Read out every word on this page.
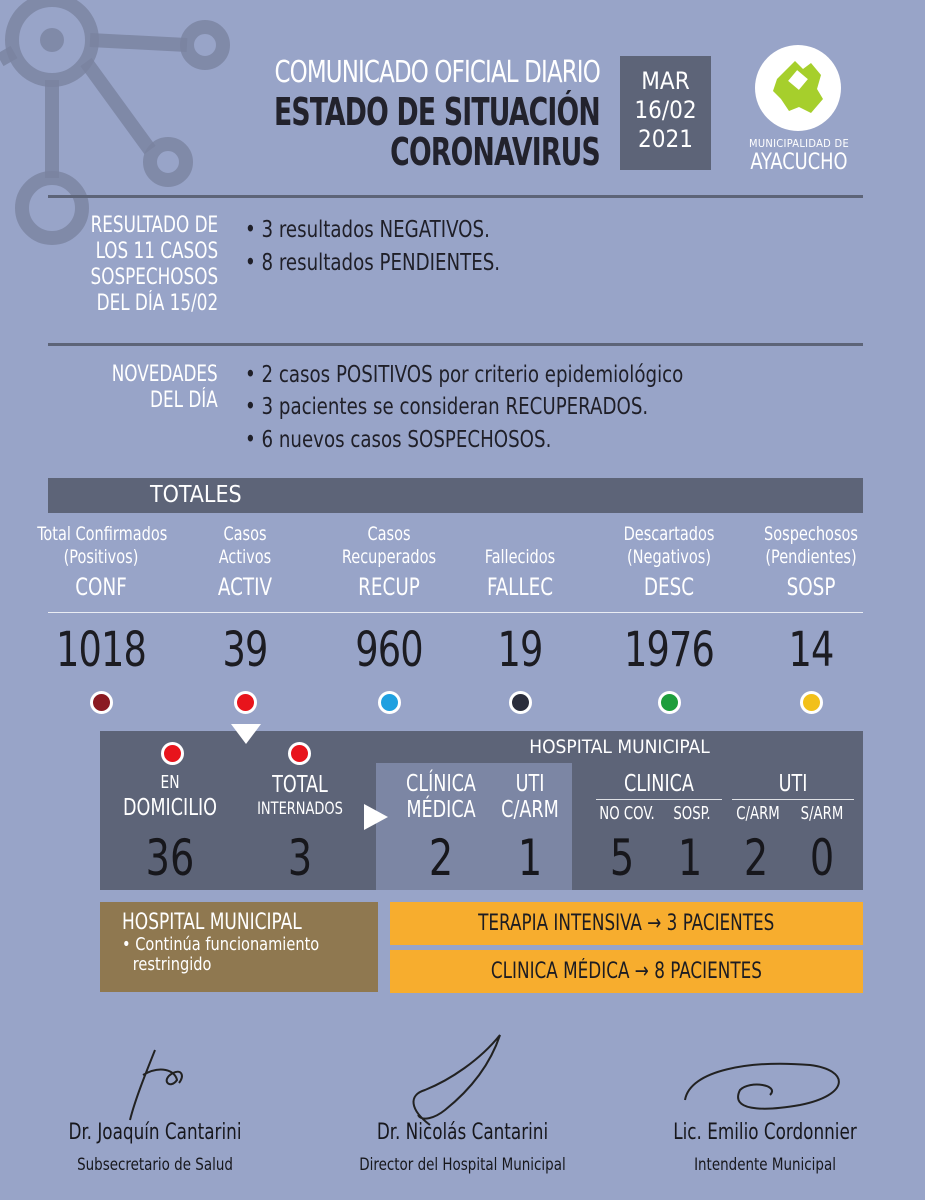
COMUNICADO OFICIAL DIARIO
ESTADO DE SITUACIÓN
CORONAVIRUS
MAR
16/02
2021	MUNICIPALIDAD DE
AYACUCHO
RESULTADO DE
LOS 11 CASOS
SOSPECHOSOS
DEL DÍA 15/02
• 3 resultados NEGATIVOS.
• 8 resultados PENDIENTES.
NOVEDADES
DEL DÍA
• 2 casos POSITIVOS por criterio epidemiológico
• 3 pacientes se consideran RECUPERADOS.
• 6 nuevos casos SOSPECHOSOS.
TOTALES
Total Confirmados
(Positivos)
CONF
1018
Casos
Activos
ACTIV
39
Casos
Recuperados
RECUP
960
Fallecidos
FALLEC
19
Descartados
(Negativos)
DESC
1976
Sospechosos
(Pendientes)
SOSP
14
EN
DOMICILIO
36
TOTAL
INTERNADOS
3
HOSPITAL MUNICIPAL
CLÍNICA
MÉDICA
2
UTI
C/ARM
1
CLINICA
NO COV.	SOSP.
5 1
UTI
C/ARM S/ARM
2 0
HOSPITAL MUNICIPAL
• Continúa funcionamiento
restringido
TERAPIA INTENSIVA → 3 PACIENTES
CLINICA MÉDICA → 8 PACIENTES
Dr. Joaquín Cantarini
Subsecretario de Salud
Dr. Nicolás Cantarini
Director del Hospital Municipal
Lic. Emilio Cordonnier
Intendente Municipal
